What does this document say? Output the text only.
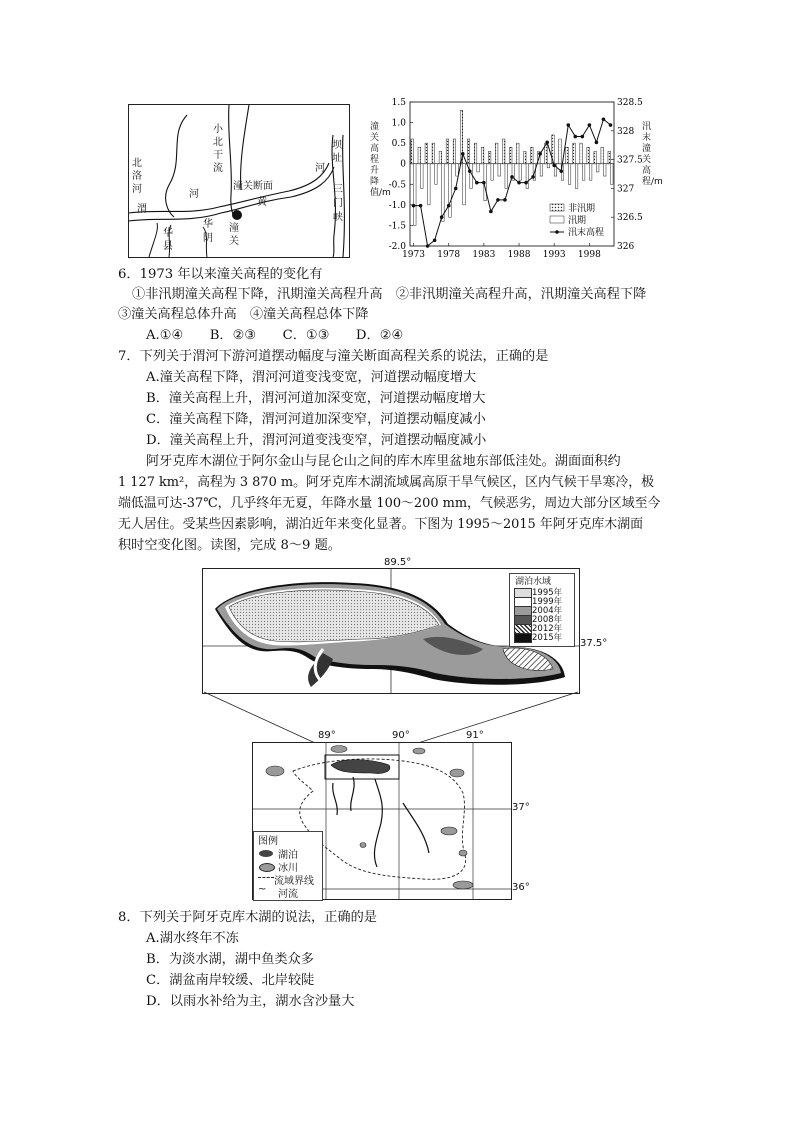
小北干流
北洛河	河
渭
华县
华阴
潼关断面
黄
潼关
坝址
河
三门峡
1.5
1.0
0.5
0
-0.5
-1.0
-1.5
-2.0
328.5
328
327.5
327
326.5
326
1973 1978 1983 1988 1993 1998
非汛期
汛期
汛末高程
潼关高程升降值/m
汛末潼关高程/m
6．1973 年以来潼关高程的变化有
①非汛期潼关高程下降，汛期潼关高程升高　②非汛期潼关高程升高，汛期潼关高程下降
③潼关高程总体升高　④潼关高程总体下降
A.①④　　B．②③　　C．①③　　D．②④
7．下列关于渭河下游河道摆动幅度与潼关断面高程关系的说法，正确的是
A.潼关高程下降，渭河河道变浅变宽，河道摆动幅度增大
B．潼关高程上升，渭河河道加深变宽，河道摆动幅度增大
C．潼关高程下降，渭河河道加深变窄，河道摆动幅度减小
D．潼关高程上升，渭河河道变浅变窄，河道摆动幅度减小
阿牙克库木湖位于阿尔金山与昆仑山之间的库木库里盆地东部低洼处。湖面面积约
1 127 km²，高程为 3 870 m。阿牙克库木湖流域属高原干旱气候区，区内气候干旱寒冷，极
端低温可达-37℃，几乎终年无夏，年降水量 100～200 mm，气候恶劣，周边大部分区域至今
无人居住。受某些因素影响，湖泊近年来变化显著。下图为 1995～2015 年阿牙克库木湖面
积时空变化图。读图，完成 8～9 题。
89.5°
湖泊水域
1995年
1999年
2004年
2008年
2012年
2015年 37.5°
89°	90°	91°
图例
湖泊
冰川
流域界线
~ 河流
37°
36°
8．下列关于阿牙克库木湖的说法，正确的是
A.湖水终年不冻
B．为淡水湖，湖中鱼类众多
C．湖盆南岸较缓、北岸较陡
D．以雨水补给为主，湖水含沙量大
